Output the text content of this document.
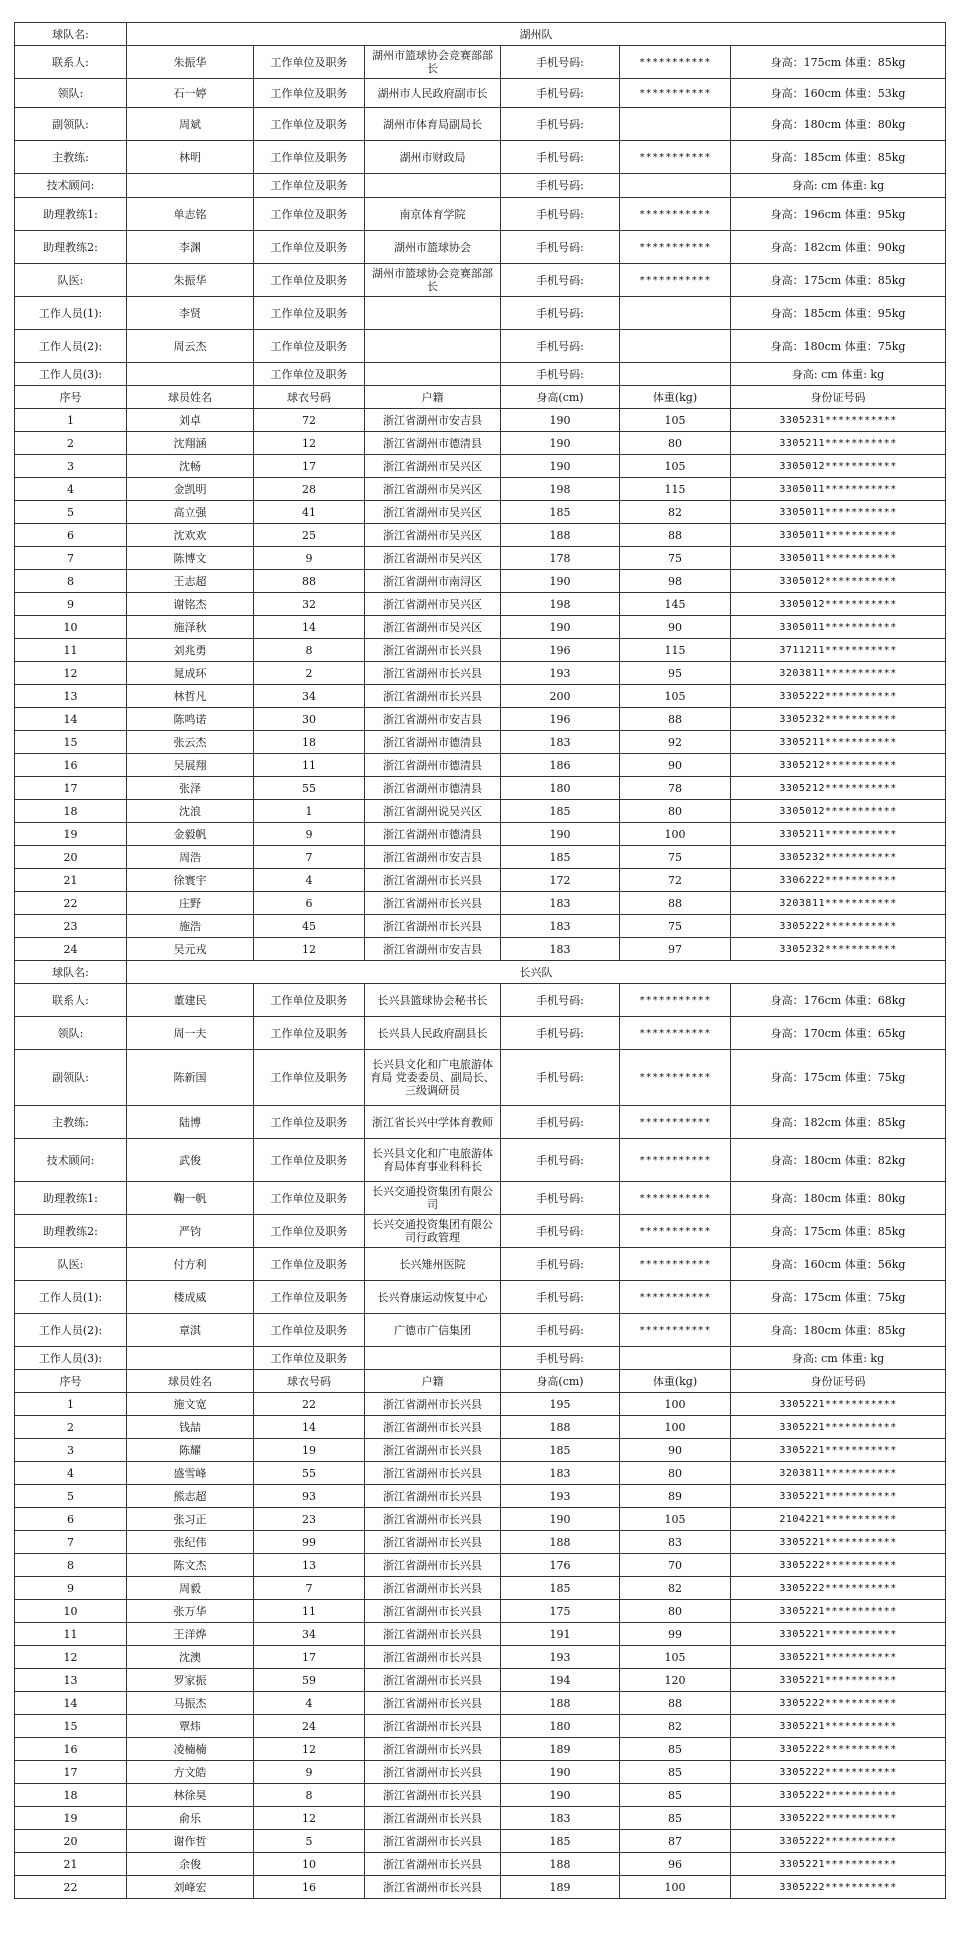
球队名:	湖州队					
联系人:	朱振华	工作单位及职务	湖州市篮球协会竞赛部部长	手机号码:	***********	身高：175cm 体重：85kg
领队:	石一婷	工作单位及职务	湖州市人民政府副市长	手机号码:	***********	身高：160cm 体重：53kg
副领队:	周斌	工作单位及职务	湖州市体育局副局长	手机号码:		身高：180cm 体重：80kg
主教练:	林明	工作单位及职务	湖州市财政局	手机号码:	***********	身高：185cm 体重：85kg
技术顾问:		工作单位及职务		手机号码:		身高: cm 体重: kg
助理教练1:	单志铭	工作单位及职务	南京体育学院	手机号码:	***********	身高：196cm 体重：95kg
助理教练2:	李渊	工作单位及职务	湖州市篮球协会	手机号码:	***********	身高：182cm 体重：90kg
队医:	朱振华	工作单位及职务	湖州市篮球协会竞赛部部长	手机号码:	***********	身高：175cm 体重：85kg
工作人员(1):	李贤	工作单位及职务		手机号码:		身高：185cm 体重：95kg
工作人员(2):	周云杰	工作单位及职务		手机号码:		身高：180cm 体重：75kg
工作人员(3):		工作单位及职务		手机号码:		身高: cm 体重: kg
序号	球员姓名	球衣号码	户籍	身高(cm)	体重(kg)	身份证号码
1	刘卓	72	浙江省湖州市安吉县	190	105	3305231***********
2	沈翔涵	12	浙江省湖州市德清县	190	80	3305211***********
3	沈畅	17	浙江省湖州市吴兴区	190	105	3305012***********
4	金凯明	28	浙江省湖州市吴兴区	198	115	3305011***********
5	高立强	41	浙江省湖州市吴兴区	185	82	3305011***********
6	沈欢欢	25	浙江省湖州市吴兴区	188	88	3305011***********
7	陈博文	9	浙江省湖州市吴兴区	178	75	3305011***********
8	王志超	88	浙江省湖州市南浔区	190	98	3305012***********
9	谢铭杰	32	浙江省湖州市吴兴区	198	145	3305012***********
10	施泽秋	14	浙江省湖州市吴兴区	190	90	3305011***********
11	刘兆勇	8	浙江省湖州市长兴县	196	115	3711211***********
12	晁成环	2	浙江省湖州市长兴县	193	95	3203811***********
13	林哲凡	34	浙江省湖州市长兴县	200	105	3305222***********
14	陈鸣诺	30	浙江省湖州市安吉县	196	88	3305232***********
15	张云杰	18	浙江省湖州市德清县	183	92	3305211***********
16	吴展翔	11	浙江省湖州市德清县	186	90	3305212***********
17	张泽	55	浙江省湖州市德清县	180	78	3305212***********
18	沈浪	1	浙江省湖州说吴兴区	185	80	3305012***********
19	金毅帆	9	浙江省湖州市德清县	190	100	3305211***********
20	周浩	7	浙江省湖州市安吉县	185	75	3305232***********
21	徐寰宇	4	浙江省湖州市长兴县	172	72	3306222***********
22	庄野	6	浙江省湖州市长兴县	183	88	3203811***********
23	施浩	45	浙江省湖州市长兴县	183	75	3305222***********
24	吴元戎	12	浙江省湖州市安吉县	183	97	3305232***********
球队名:	长兴队					
联系人:	董建民	工作单位及职务	长兴县篮球协会秘书长	手机号码:	***********	身高：176cm 体重：68kg
领队:	周一夫	工作单位及职务	长兴县人民政府副县长	手机号码:	***********	身高：170cm 体重：65kg
副领队:	陈新国	工作单位及职务	长兴县文化和广电旅游体育局 党委委员、副局长、三级调研员	手机号码:	***********	身高：175cm 体重：75kg
主教练:	陆博	工作单位及职务	浙江省长兴中学体育教师	手机号码:	***********	身高：182cm 体重：85kg
技术顾问:	武俊	工作单位及职务	长兴县文化和广电旅游体育局体育事业科科长	手机号码:	***********	身高：180cm 体重：82kg
助理教练1:	鞠一帆	工作单位及职务	长兴交通投资集团有限公司	手机号码:	***********	身高：180cm 体重：80kg
助理教练2:	严钧	工作单位及职务	长兴交通投资集团有限公司行政管理	手机号码:	***********	身高：175cm 体重：85kg
队医:	付方利	工作单位及职务	长兴雉州医院	手机号码:	***********	身高：160cm 体重：56kg
工作人员(1):	楼成威	工作单位及职务	长兴脊康运动恢复中心	手机号码:	***********	身高：175cm 体重：75kg
工作人员(2):	章淇	工作单位及职务	广德市广信集团	手机号码:	***********	身高：180cm 体重：85kg
工作人员(3):		工作单位及职务		手机号码:		身高: cm 体重: kg
序号	球员姓名	球衣号码	户籍	身高(cm)	体重(kg)	身份证号码
1	施文宽	22	浙江省湖州市长兴县	195	100	3305221***********
2	钱喆	14	浙江省湖州市长兴县	188	100	3305221***********
3	陈耀	19	浙江省湖州市长兴县	185	90	3305221***********
4	盛雪峰	55	浙江省湖州市长兴县	183	80	3203811***********
5	熊志超	93	浙江省湖州市长兴县	193	89	3305221***********
6	张习正	23	浙江省湖州市长兴县	190	105	2104221***********
7	张纪伟	99	浙江省湖州市长兴县	188	83	3305221***********
8	陈文杰	13	浙江省湖州市长兴县	176	70	3305222***********
9	周毅	7	浙江省湖州市长兴县	185	82	3305222***********
10	张万华	11	浙江省湖州市长兴县	175	80	3305221***********
11	王洋烨	34	浙江省湖州市长兴县	191	99	3305221***********
12	沈澳	17	浙江省湖州市长兴县	193	105	3305221***********
13	罗家振	59	浙江省湖州市长兴县	194	120	3305221***********
14	马振杰	4	浙江省湖州市长兴县	188	88	3305222***********
15	覃炜	24	浙江省湖州市长兴县	180	82	3305221***********
16	凌楠楠	12	浙江省湖州市长兴县	189	85	3305222***********
17	方文皓	9	浙江省湖州市长兴县	190	85	3305222***********
18	林徐昊	8	浙江省湖州市长兴县	190	85	3305222***********
19	俞乐	12	浙江省湖州市长兴县	183	85	3305222***********
20	谢作哲	5	浙江省湖州市长兴县	185	87	3305222***********
21	余俊	10	浙江省湖州市长兴县	188	96	3305221***********
22	刘峰宏	16	浙江省湖州市长兴县	189	100	3305222***********
